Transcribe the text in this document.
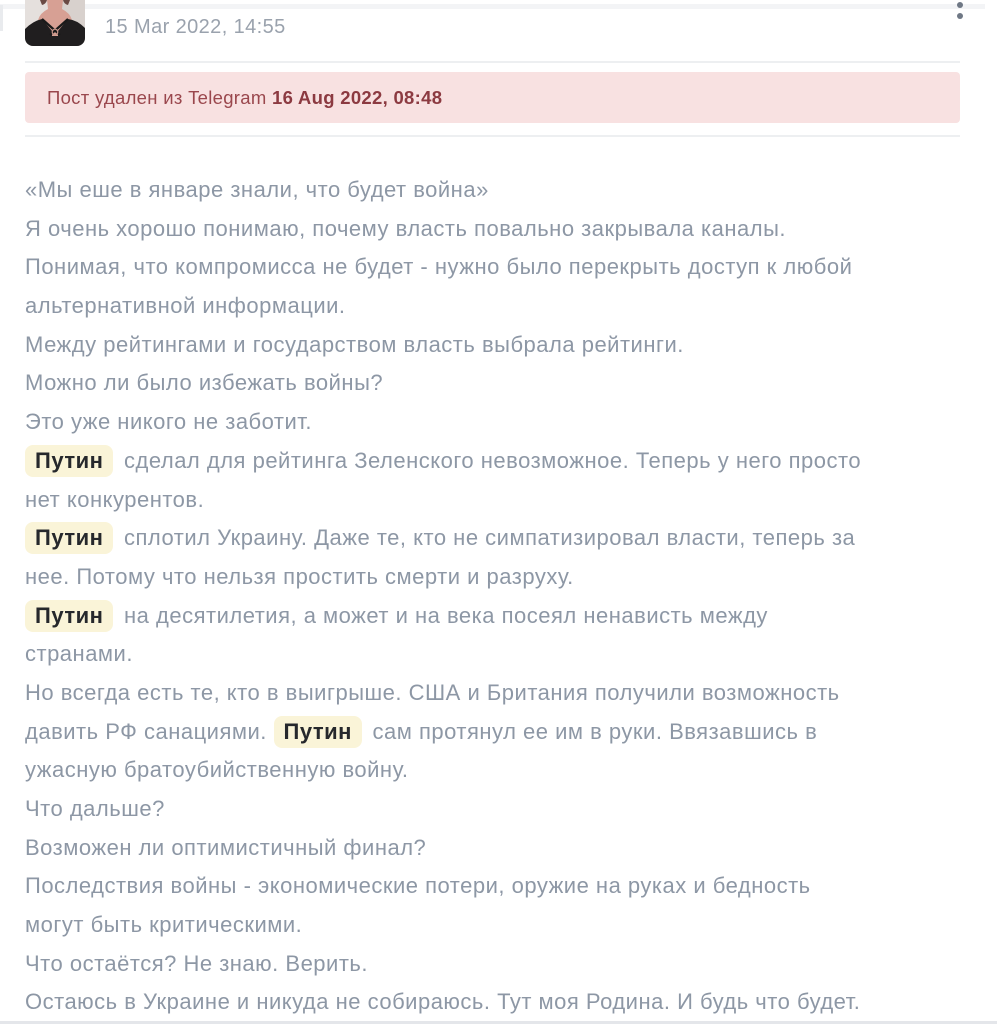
15 Mar 2022, 14:55
Пост удален из Telegram 16 Aug 2022, 08:48
«Мы еше в январе знали, что будет война»
Я очень хорошо понимаю, почему власть повально закрывала каналы.
Понимая, что компромисса не будет - нужно было перекрыть доступ к любой
альтернативной информации.
Между рейтингами и государством власть выбрала рейтинги.
Можно ли было избежать войны?
Это уже никого не заботит.
Путин сделал для рейтинга Зеленского невозможное. Теперь у него просто
нет конкурентов.
Путин сплотил Украину. Даже те, кто не симпатизировал власти, теперь за
нее. Потому что нельзя простить смерти и разруху.
Путин на десятилетия, а может и на века посеял ненависть между
странами.
Но всегда есть те, кто в выигрыше. США и Британия получили возможность
давить РФ санациями. Путин сам протянул ее им в руки. Ввязавшись в
ужасную братоубийственную войну.
Что дальше?
Возможен ли оптимистичный финал?
Последствия войны - экономические потери, оружие на руках и бедность
могут быть критическими.
Что остаётся? Не знаю. Верить.
Остаюсь в Украине и никуда не собираюсь. Тут моя Родина. И будь что будет.
